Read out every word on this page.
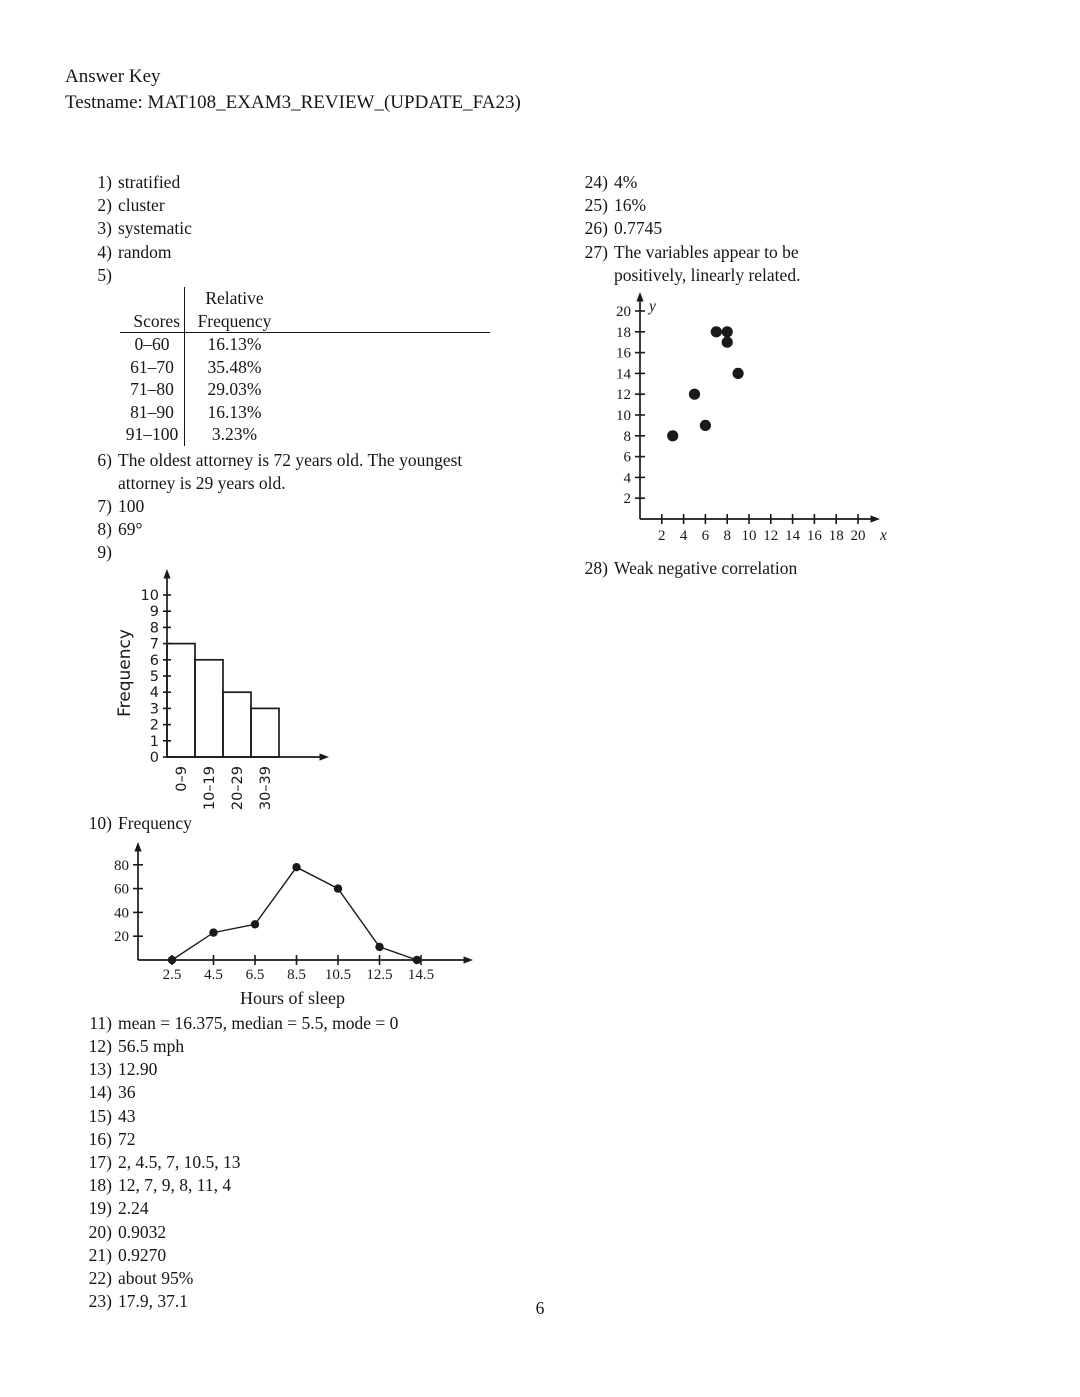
Answer Key
Testname: MAT108_EXAM3_REVIEW_(UPDATE_FA23)
1) stratified
2) cluster
3) systematic
4) random
5)
Scores
Relative
Frequency
0–60	16.13%
61–70	35.48%
71–80	29.03%
81–90	16.13%
91–100	3.23%
6) The oldest attorney is 72 years old. The youngest attorney is 29 years old.
7) 100
8) 69°
9)
0
1
2
3
4
5
6
7
8
9
10
0–9 10–19 20–29 30–39
Frequency
10) Frequency
20
40
60
80
2.5 4.5 6.5 8.5 10.5 12.5 14.5
Hours of sleep
11) mean = 16.375, median = 5.5, mode = 0
12) 56.5 mph
13) 12.90
14) 36
15) 43
16) 72
17) 2, 4.5, 7, 10.5, 13
18) 12, 7, 9, 8, 11, 4
19) 2.24
20) 0.9032
21) 0.9270
22) about 95%
23) 17.9, 37.1
24) 4%
25) 16%
26) 0.7745
27) The variables appear to be positively, linearly related.
2 4 6 8 10 12 14 16 18 20
2
4
6
8
10
12
14
16
18
20 y
x
28) Weak negative correlation
6
